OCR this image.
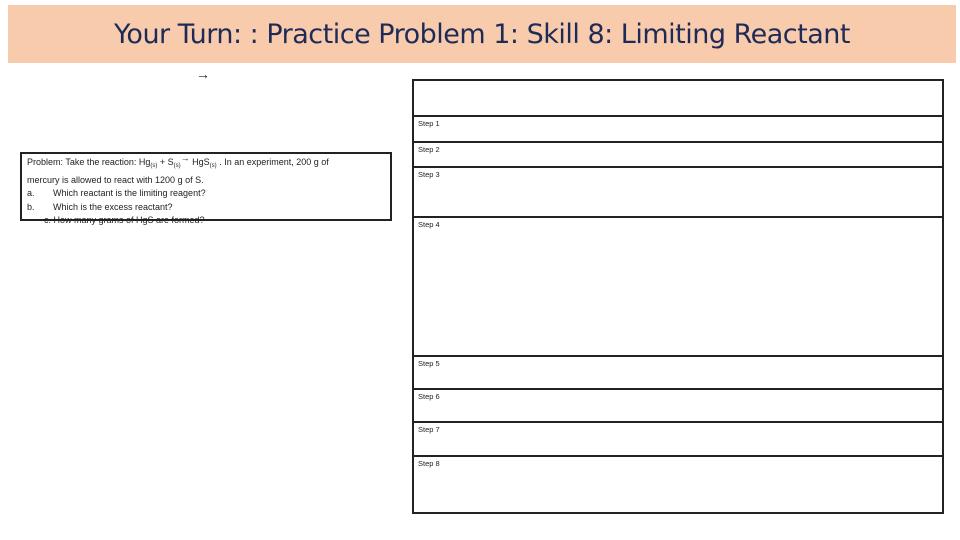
Your Turn: : Practice Problem 1: Skill 8: Limiting Reactant
→
Problem: Take the reaction: $Hg_{(s)} + S_{(s)}\to HgS_{(s)}$ . In an experiment, 200 g of
mercury is allowed to react with 1200 g of S.
a. Which reactant is the limiting reagent?
b. Which is the excess reactant?
c. How many grams of HgS are formed?
Step 1
Step 2
Step 3
Step 4
Step 5
Step 6
Step 7
Step 8
